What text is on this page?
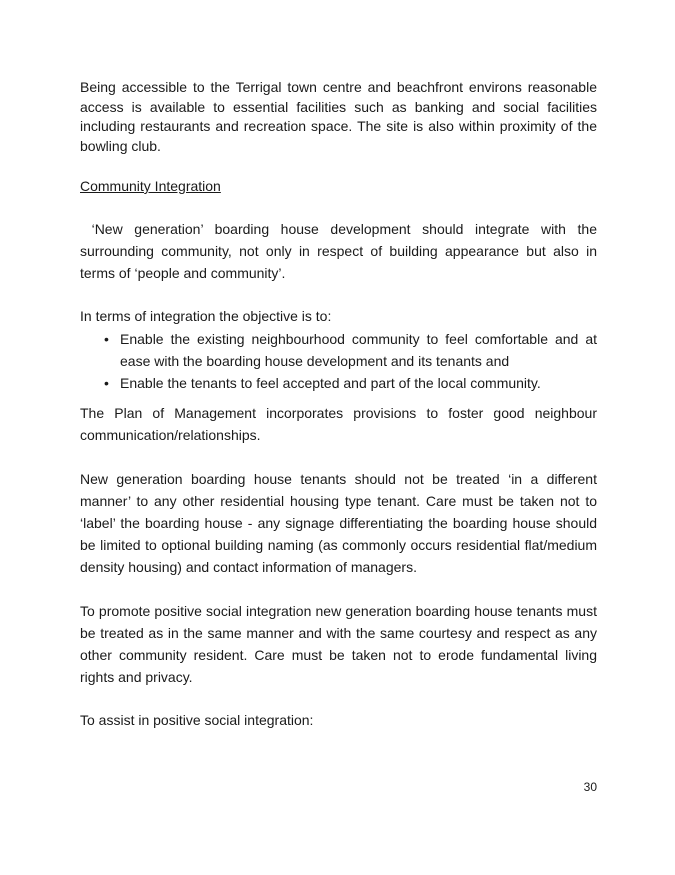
Being accessible to the Terrigal town centre and beachfront environs reasonable access is available to essential facilities such as banking and social facilities including restaurants and recreation space. The site is also within proximity of the bowling club.

Community Integration

‘New generation’ boarding house development should integrate with the surrounding community, not only in respect of building appearance but also in terms of ‘people and community’.

In terms of integration the objective is to:

• Enable the existing neighbourhood community to feel comfortable and at ease with the boarding house development and its tenants and
• Enable the tenants to feel accepted and part of the local community.

The Plan of Management incorporates provisions to foster good neighbour communication/relationships.

New generation boarding house tenants should not be treated ‘in a different manner’ to any other residential housing type tenant. Care must be taken not to ‘label’ the boarding house - any signage differentiating the boarding house should be limited to optional building naming (as commonly occurs residential flat/medium density housing) and contact information of managers.

To promote positive social integration new generation boarding house tenants must be treated as in the same manner and with the same courtesy and respect as any other community resident. Care must be taken not to erode fundamental living rights and privacy.

To assist in positive social integration:

30
